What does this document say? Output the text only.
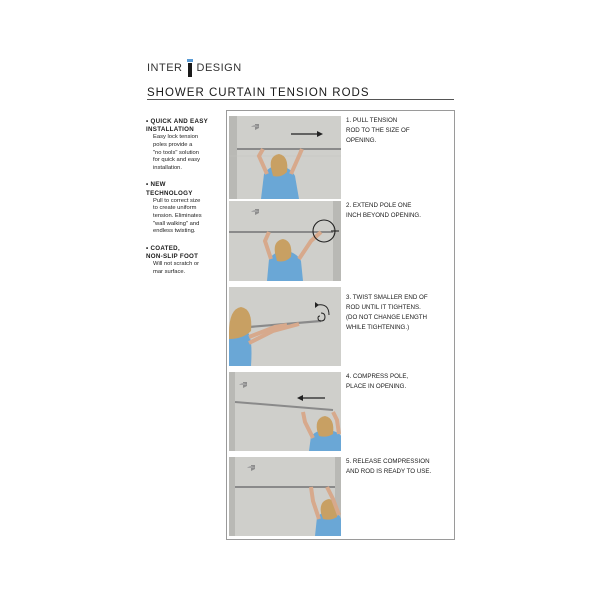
INTER DESIGN
SHOWER CURTAIN TENSION RODS
• QUICK AND EASY
INSTALLATION
Easy lock tension
poles provide a
"no tools" solution
for quick and easy
installation.
• NEW
TECHNOLOGY
Pull to correct size
to create uniform
tension. Eliminates
"wall walking" and
endless twisting.
• COATED,
NON-SLIP FOOT
Will not scratch or
mar surface.
1. PULL TENSION
ROD TO THE SIZE OF
OPENING.
2. EXTEND POLE ONE
INCH BEYOND OPENING.
3. TWIST SMALLER END OF
ROD UNTIL IT TIGHTENS.
(DO NOT CHANGE LENGTH
WHILE TIGHTENING.)
4. COMPRESS POLE,
PLACE IN OPENING.
5. RELEASE COMPRESSION
AND ROD IS READY TO USE.
